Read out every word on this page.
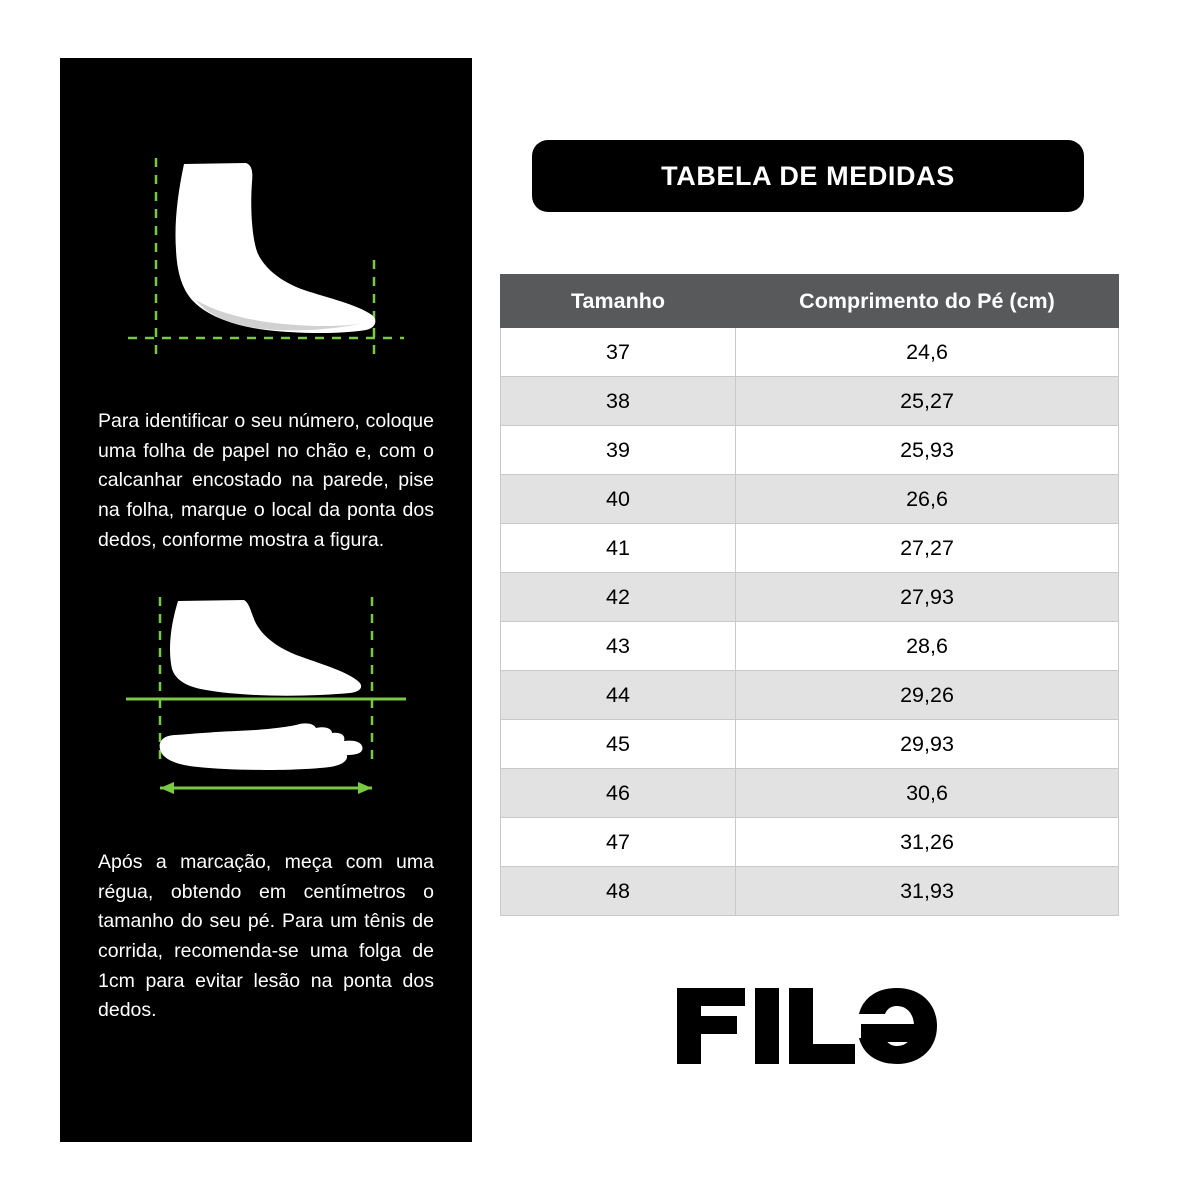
Para identificar o seu número, coloque uma folha de papel no chão e, com o calcanhar encostado na parede, pise na folha, marque o local da ponta dos dedos, conforme mostra a figura.
Após a marcação, meça com uma régua, obtendo em centímetros o tamanho do seu pé. Para um tênis de corrida, recomenda-se uma folga de 1cm para evitar lesão na ponta dos dedos.
TABELA DE MEDIDAS
Tamanho	Comprimento do Pé (cm)
37	24,6
38	25,27
39	25,93
40	26,6
41	27,27
42	27,93
43	28,6
44	29,26
45	29,93
46	30,6
47	31,26
48	31,93
